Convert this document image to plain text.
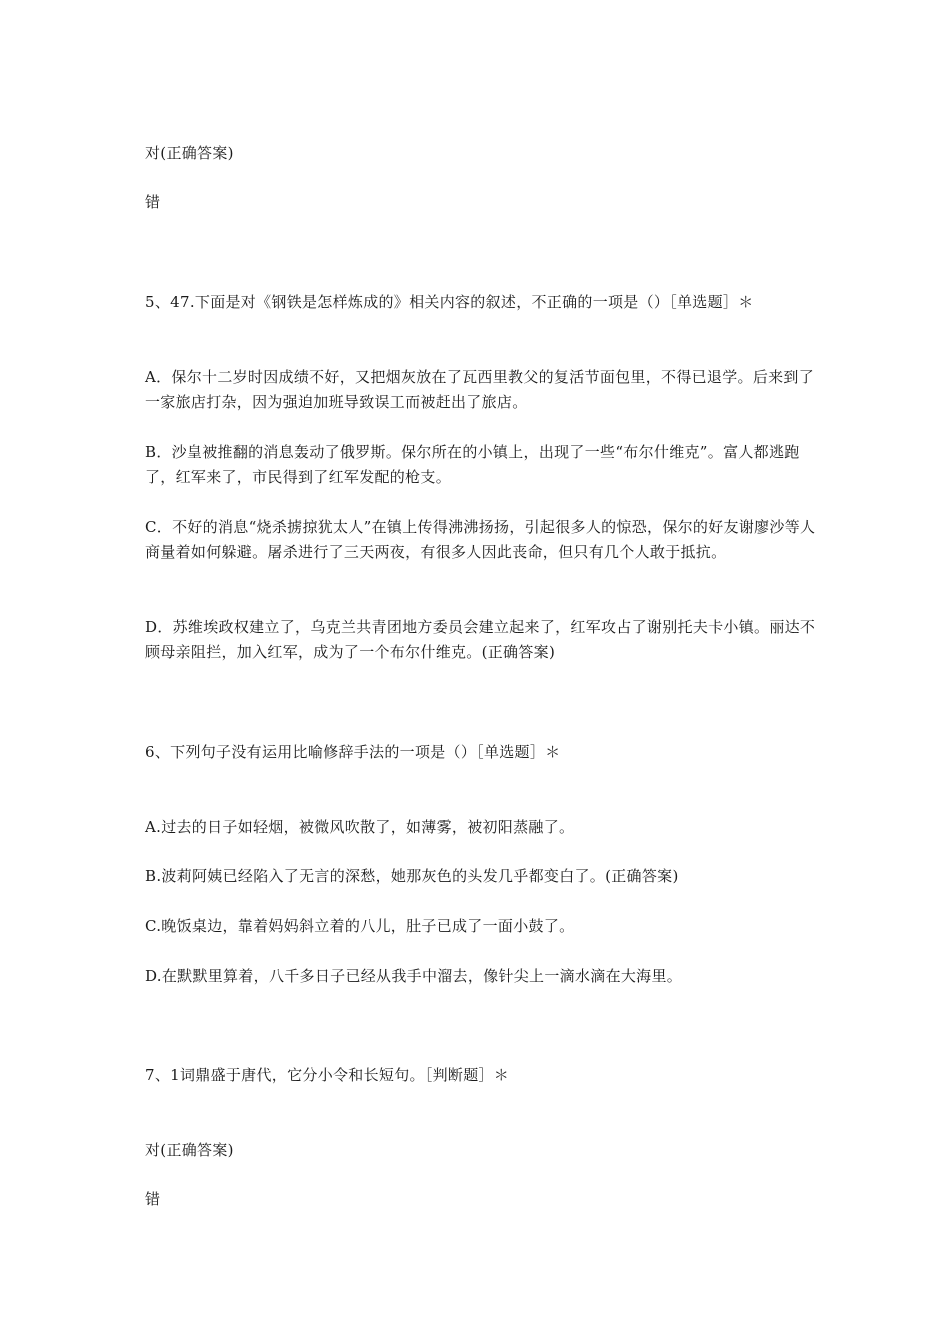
对(正确答案)

错

5、47.下面是对《钢铁是怎样炼成的》相关内容的叙述，不正确的一项是（）［单选题］＊

A．保尔十二岁时因成绩不好，又把烟灰放在了瓦西里教父的复活节面包里，不得已退学。后来到了一家旅店打杂，因为强迫加班导致误工而被赶出了旅店。

B．沙皇被推翻的消息轰动了俄罗斯。保尔所在的小镇上，出现了一些“布尔什维克”。富人都逃跑了，红军来了，市民得到了红军发配的枪支。

C．不好的消息“烧杀掳掠犹太人”在镇上传得沸沸扬扬，引起很多人的惊恐，保尔的好友谢廖沙等人商量着如何躲避。屠杀进行了三天两夜，有很多人因此丧命，但只有几个人敢于抵抗。

D．苏维埃政权建立了，乌克兰共青团地方委员会建立起来了，红军攻占了谢别托夫卡小镇。丽达不顾母亲阻拦，加入红军，成为了一个布尔什维克。(正确答案)

6、下列句子没有运用比喻修辞手法的一项是（）［单选题］＊

A.过去的日子如轻烟，被微风吹散了，如薄雾，被初阳蒸融了。

B.波莉阿姨已经陷入了无言的深愁，她那灰色的头发几乎都变白了。(正确答案)

C.晚饭桌边，靠着妈妈斜立着的八儿，肚子已成了一面小鼓了。

D.在默默里算着，八千多日子已经从我手中溜去，像针尖上一滴水滴在大海里。

7、1词鼎盛于唐代，它分小令和长短句。［判断题］＊

对(正确答案)

错
